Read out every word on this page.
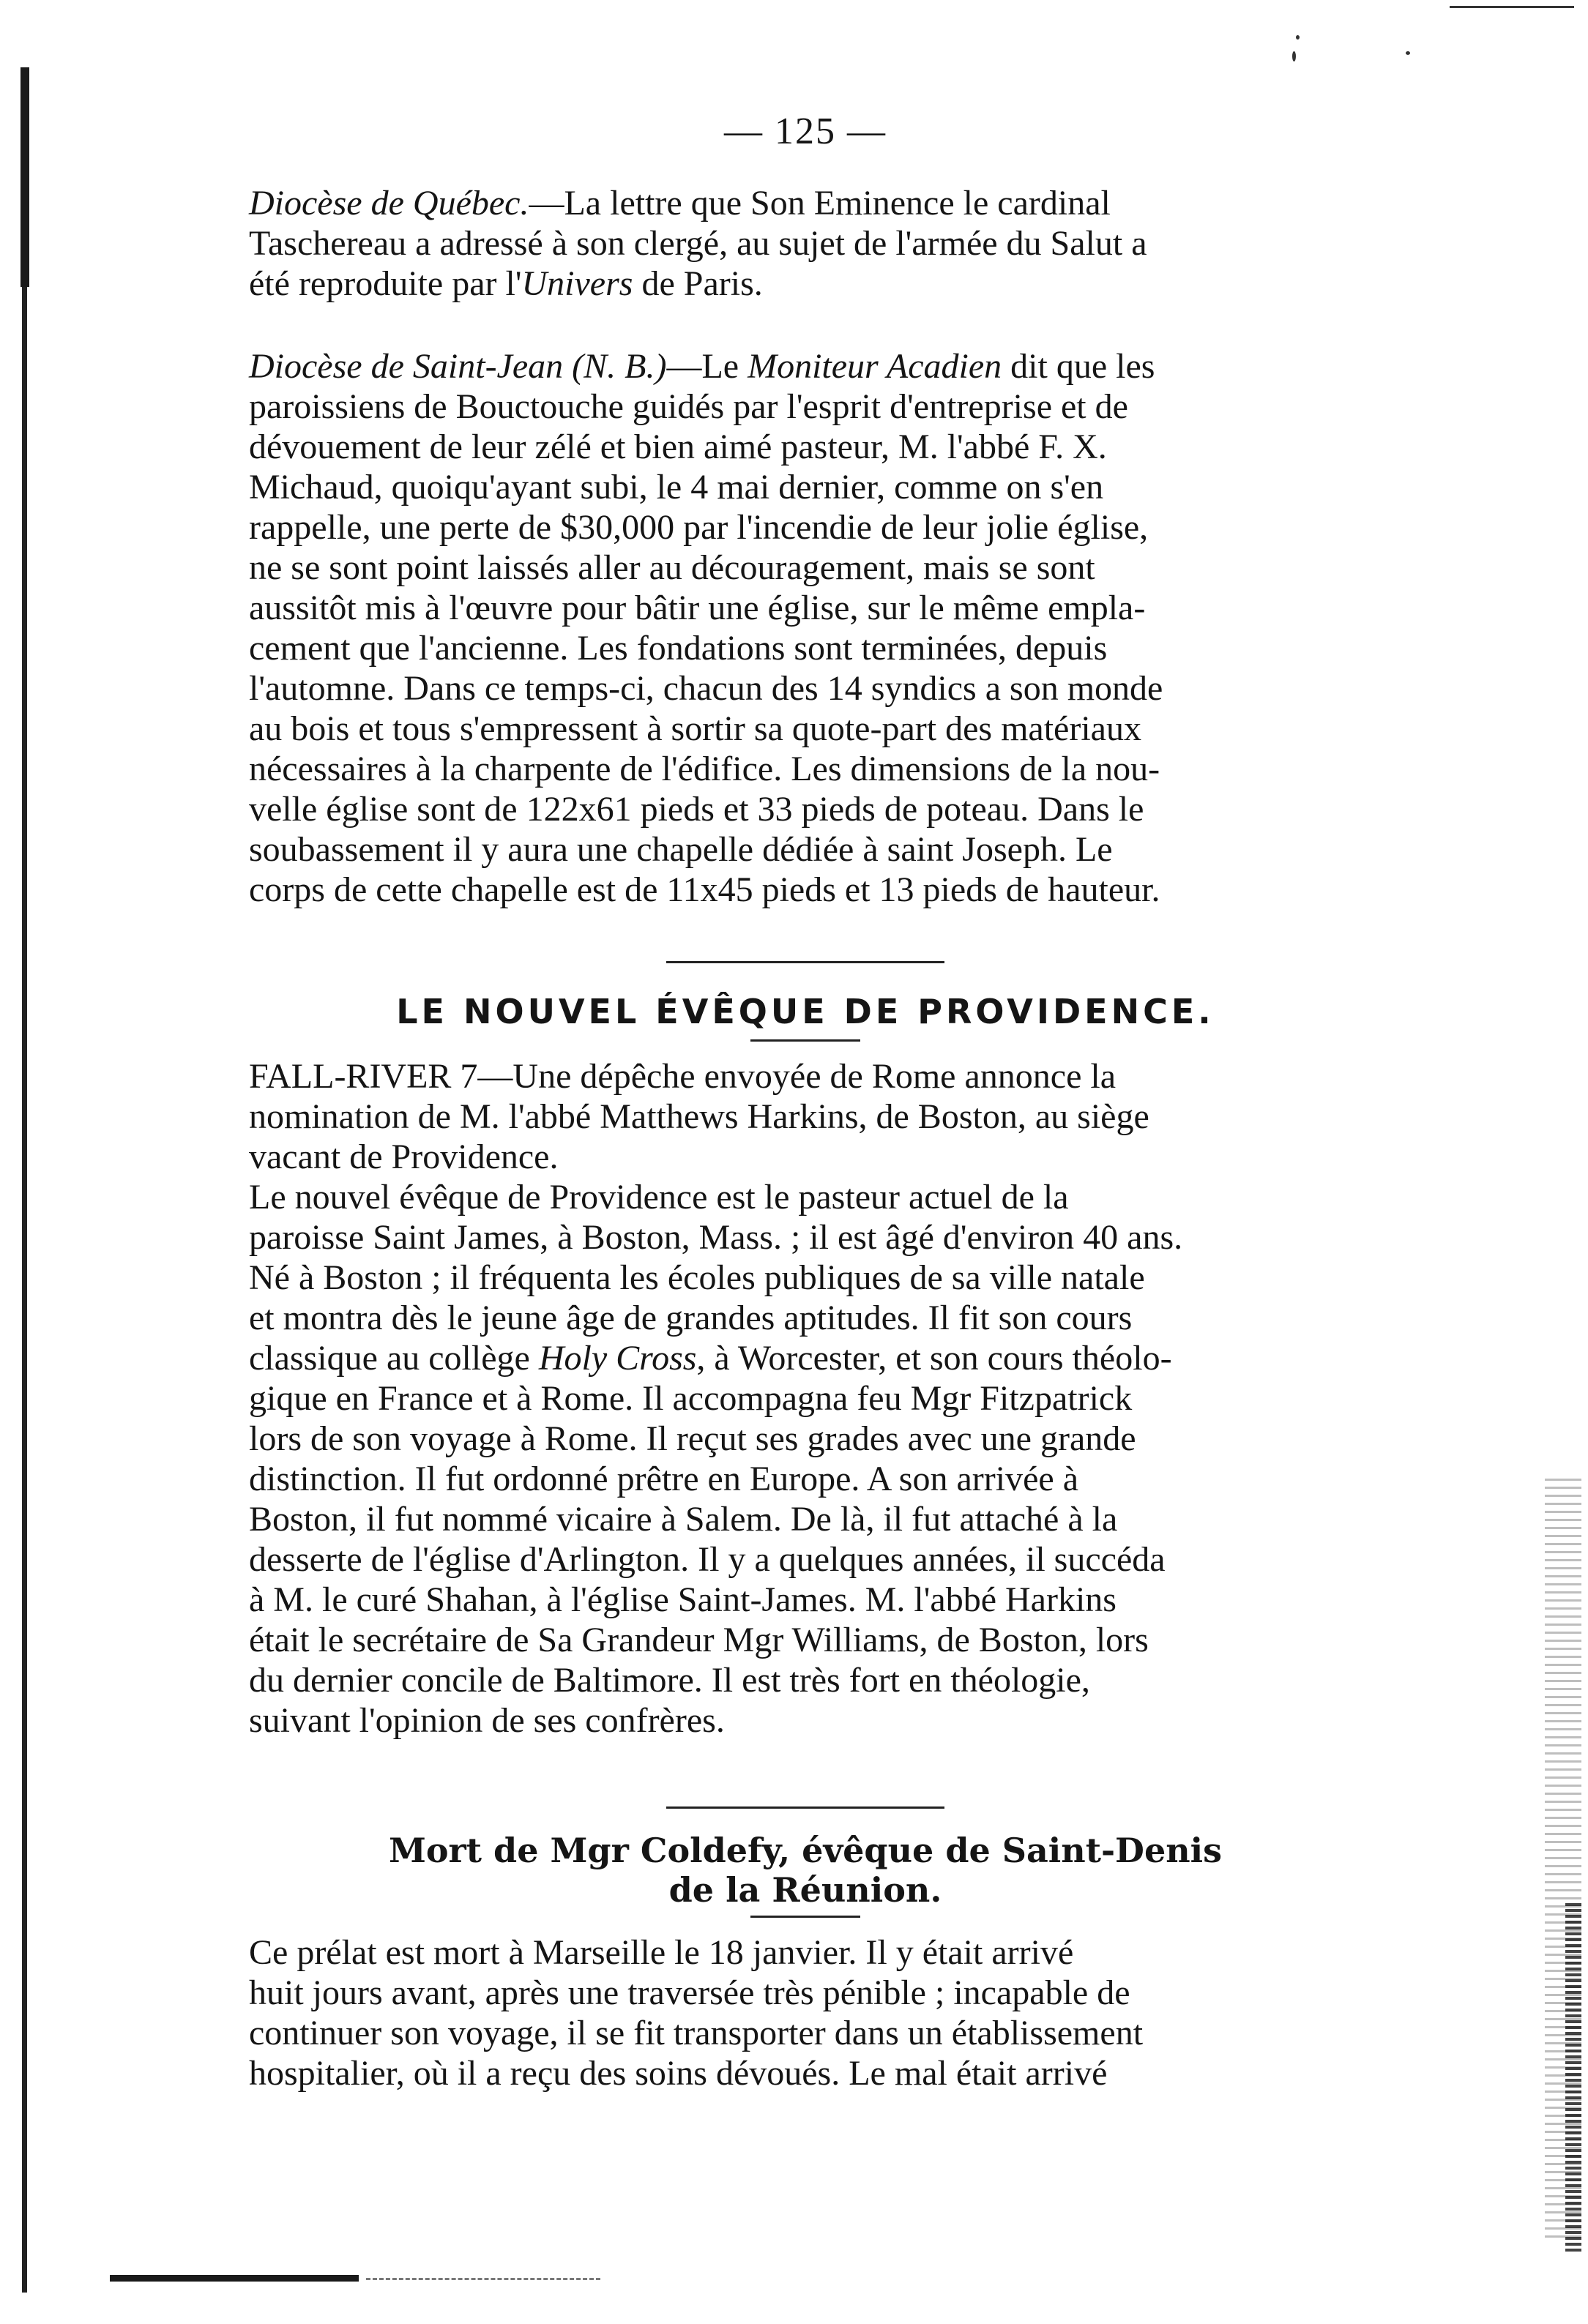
— 125 —

Diocèse de Québec.—La lettre que Son Eminence le cardinal
Taschereau a adressé à son clergé, au sujet de l'armée du Salut a
été reproduite par l'Univers de Paris.

Diocèse de Saint-Jean (N. B.)—Le Moniteur Acadien dit que les
paroissiens de Bouctouche guidés par l'esprit d'entreprise et de
dévouement de leur zélé et bien aimé pasteur, M. l'abbé F. X.
Michaud, quoiqu'ayant subi, le 4 mai dernier, comme on s'en
rappelle, une perte de $30,000 par l'incendie de leur jolie église,
ne se sont point laissés aller au découragement, mais se sont
aussitôt mis à l'œuvre pour bâtir une église, sur le même empla-
cement que l'ancienne. Les fondations sont terminées, depuis
l'automne. Dans ce temps-ci, chacun des 14 syndics a son monde
au bois et tous s'empressent à sortir sa quote-part des matériaux
nécessaires à la charpente de l'édifice. Les dimensions de la nou-
velle église sont de 122x61 pieds et 33 pieds de poteau. Dans le
soubassement il y aura une chapelle dédiée à saint Joseph. Le
corps de cette chapelle est de 11x45 pieds et 13 pieds de hauteur.

LE NOUVEL ÉVÊQUE DE PROVIDENCE.

FALL-RIVER 7—Une dépêche envoyée de Rome annonce la
nomination de M. l'abbé Matthews Harkins, de Boston, au siège
vacant de Providence.
Le nouvel évêque de Providence est le pasteur actuel de la
paroisse Saint James, à Boston, Mass. ; il est âgé d'environ 40 ans.
Né à Boston ; il fréquenta les écoles publiques de sa ville natale
et montra dès le jeune âge de grandes aptitudes. Il fit son cours
classique au collège Holy Cross, à Worcester, et son cours théolo-
gique en France et à Rome. Il accompagna feu Mgr Fitzpatrick
lors de son voyage à Rome. Il reçut ses grades avec une grande
distinction. Il fut ordonné prêtre en Europe. A son arrivée à
Boston, il fut nommé vicaire à Salem. De là, il fut attaché à la
desserte de l'église d'Arlington. Il y a quelques années, il succéda
à M. le curé Shahan, à l'église Saint-James. M. l'abbé Harkins
était le secrétaire de Sa Grandeur Mgr Williams, de Boston, lors
du dernier concile de Baltimore. Il est très fort en théologie,
suivant l'opinion de ses confrères.

Mort de Mgr Coldefy, évêque de Saint-Denis
de la Réunion.

Ce prélat est mort à Marseille le 18 janvier. Il y était arrivé
huit jours avant, après une traversée très pénible ; incapable de
continuer son voyage, il se fit transporter dans un établissement
hospitalier, où il a reçu des soins dévoués. Le mal était arrivé
